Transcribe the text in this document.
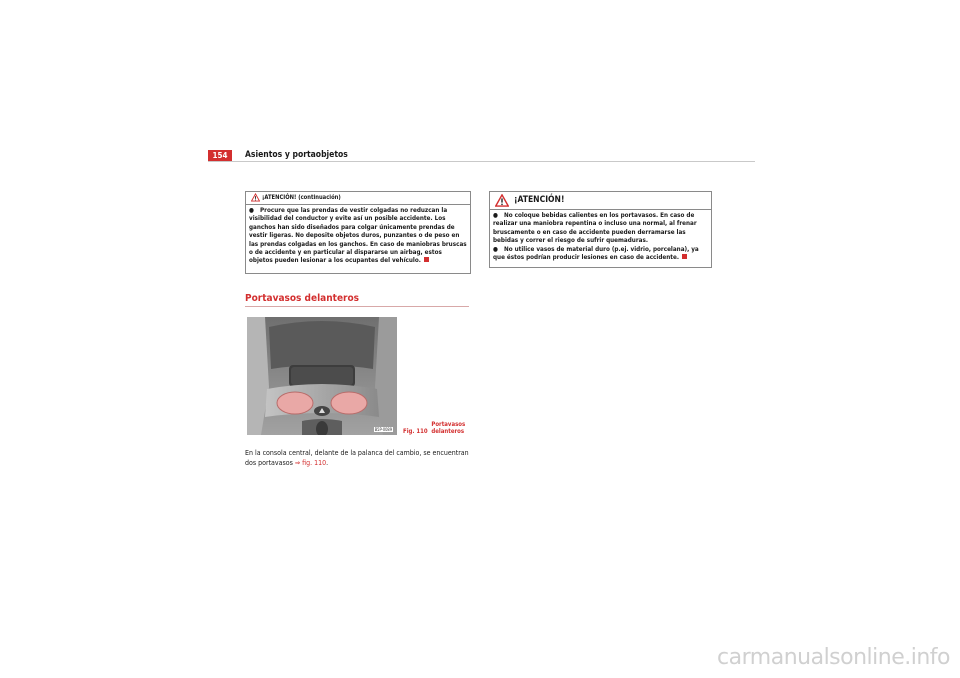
154	Asientos y portaobjetos
¡ATENCIÓN! (continuación)

● Procure que las prendas de vestir colgadas no reduzcan la visibilidad del conductor y evite así un posible accidente. Los ganchos han sido diseñados para colgar únicamente prendas de vestir ligeras. No deposite objetos duros, punzantes o de peso en las prendas colgadas en los ganchos. En caso de maniobras bruscas o de accidente y en particular al dispararse un airbag, estos objetos pueden lesionar a los ocupantes del vehículo.

Portavasos delanteros
B5P-0089 Fig. 110  Portavasos delanteros
En la consola central, delante de la palanca del cambio, se encuentran dos portavasos ⇒ fig. 110.
¡ATENCIÓN!

● No coloque bebidas calientes en los portavasos. En caso de realizar una maniobra repentina o incluso una normal, al frenar bruscamente o en caso de accidente pueden derramarse las bebidas y correr el riesgo de sufrir quemaduras.

● No utilice vasos de material duro (p.ej. vidrio, porcelana), ya que éstos podrían producir lesiones en caso de accidente.

carmanualsonline.info
